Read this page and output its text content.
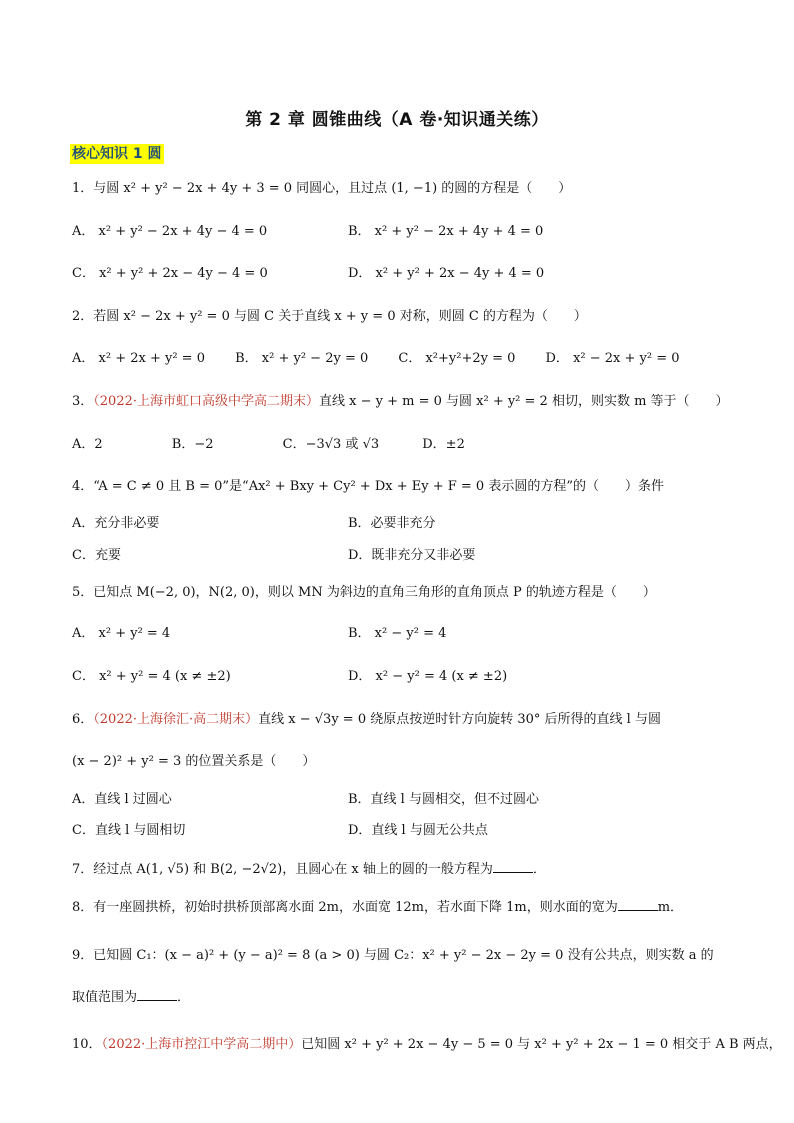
第 2 章 圆锥曲线（A 卷·知识通关练）
核心知识 1 圆
1．与圆 x² + y² − 2x + 4y + 3 = 0 同圆心，且过点 (1, −1) 的圆的方程是（　　）
A． x² + y² − 2x + 4y − 4 = 0	B． x² + y² − 2x + 4y + 4 = 0
C． x² + y² + 2x − 4y − 4 = 0	D． x² + y² + 2x − 4y + 4 = 0
2．若圆 x² − 2x + y² = 0 与圆 C 关于直线 x + y = 0 对称，则圆 C 的方程为（　　）
A． x² + 2x + y² = 0　　 B． x² + y² − 2y = 0　　 C． x²+y²+2y = 0　　 D． x² − 2x + y² = 0
3．（2022·上海市虹口高级中学高二期末）直线 x − y + m = 0 与圆 x² + y² = 2 相切，则实数 m 等于（　　）
A．2　　　　　 B．−2　　　　　 C．−3√3 或 √3　　　 D．±2
4．“A = C ≠ 0 且 B = 0”是“Ax² + Bxy + Cy² + Dx + Ey + F = 0 表示圆的方程”的（　　）条件
A．充分非必要	B．必要非充分
C．充要	D．既非充分又非必要
5．已知点 M(−2, 0)，N(2, 0)，则以 MN 为斜边的直角三角形的直角顶点 P 的轨迹方程是（　　）
A． x² + y² = 4	B． x² − y² = 4
C． x² + y² = 4 (x ≠ ±2)	D． x² − y² = 4 (x ≠ ±2)
6．（2022·上海徐汇·高二期末）直线 x − √3y = 0 绕原点按逆时针方向旋转 30° 后所得的直线 l 与圆
(x − 2)² + y² = 3 的位置关系是（　　）
A．直线 l 过圆心	B．直线 l 与圆相交，但不过圆心
C．直线 l 与圆相切	D．直线 l 与圆无公共点
7．经过点 A(1, √5) 和 B(2, −2√2)，且圆心在 x 轴上的圆的一般方程为	．
8．有一座圆拱桥，初始时拱桥顶部离水面 2m，水面宽 12m，若水面下降 1m，则水面的宽为	m．
9．已知圆 C₁：(x − a)² + (y − a)² = 8 (a > 0) 与圆 C₂：x² + y² − 2x − 2y = 0 没有公共点，则实数 a 的取值范围为	．
10．（2022·上海市控江中学高二期中）已知圆 x² + y² + 2x − 4y − 5 = 0 与 x² + y² + 2x − 1 = 0 相交于 A B 两点，
